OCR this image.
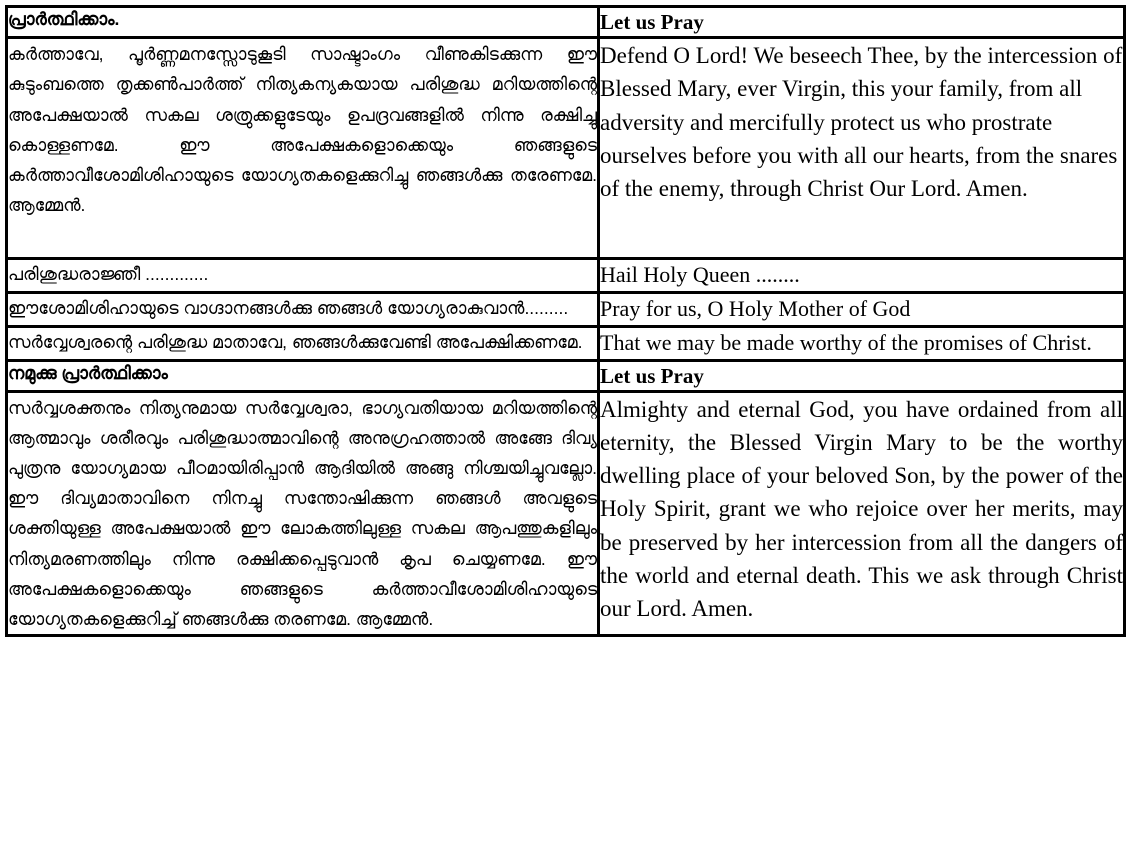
പ്രാർത്ഥിക്കാം.	Let us Pray
കർത്താവേ, പൂർണ്ണമനസ്സോടുകൂടി സാഷ്ടാംഗം വീണുകിടക്കുന്ന ഈ കുടുംബത്തെ തൃക്കൺപാർത്ത് നിത്യകന്യകയായ പരിശുദ്ധ മറിയത്തിന്റെ അപേക്ഷയാൽ സകല ശത്രുക്കളുടേയും ഉപദ്രവങ്ങളിൽ നിന്നു രക്ഷിച്ചു കൊള്ളണമേ. ഈ അപേക്ഷകളൊക്കെയും ഞങ്ങളുടെ കർത്താവീശോമിശിഹായുടെ യോഗ്യതകളെക്കുറിച്ചു ഞങ്ങൾക്കു തരേണമേ. ആമ്മേൻ.	Defend O Lord! We beseech Thee, by the intercession of Blessed Mary, ever Virgin, this your family, from all adversity and mercifully protect us who prostrate ourselves before you with all our hearts, from the snares of the enemy, through Christ Our Lord. Amen.
പരിശുദ്ധരാജ്ഞീ .............	Hail Holy Queen ........
ഈശോമിശിഹായുടെ വാഗ്ദാനങ്ങൾക്കു ഞങ്ങൾ യോഗ്യരാകുവാൻ.........	Pray for us, O Holy Mother of God
സർവ്വേശ്വരന്റെ പരിശുദ്ധ മാതാവേ, ഞങ്ങൾക്കുവേണ്ടി അപേക്ഷിക്കണമേ.	That we may be made worthy of the promises of Christ.
നമുക്കു പ്രാർത്ഥിക്കാം	Let us Pray
സർവ്വശക്തനും നിത്യനുമായ സർവ്വേശ്വരാ, ഭാഗ്യവതിയായ മറിയത്തിന്റെ ആത്മാവും ശരീരവും പരിശുദ്ധാത്മാവിന്റെ അനുഗ്രഹത്താൽ അങ്ങേ ദിവ്യ പുത്രനു യോഗ്യമായ പീഠമായിരിപ്പാൻ ആദിയിൽ അങ്ങു നിശ്ചയിച്ചുവല്ലോ. ഈ ദിവ്യമാതാവിനെ നിനച്ചു സന്തോഷിക്കുന്ന ഞങ്ങൾ അവളുടെ ശക്തിയുള്ള അപേക്ഷയാൽ ഈ ലോകത്തിലുള്ള സകല ആപത്തുകളിലും നിത്യമരണത്തിലും നിന്നു രക്ഷിക്കപ്പെടുവാൻ കൃപ ചെയ്യണമേ. ഈ അപേക്ഷകളൊക്കെയും ഞങ്ങളുടെ കർത്താവീശോമിശിഹായുടെ യോഗ്യതകളെക്കുറിച്ച് ഞങ്ങൾക്കു തരണമേ. ആമ്മേൻ.	Almighty and eternal God, you have ordained from all eternity, the Blessed Virgin Mary to be the worthy dwelling place of your beloved Son, by the power of the Holy Spirit, grant we who rejoice over her merits, may be preserved by her intercession from all the dangers of the world and eternal death. This we ask through Christ our Lord. Amen.
